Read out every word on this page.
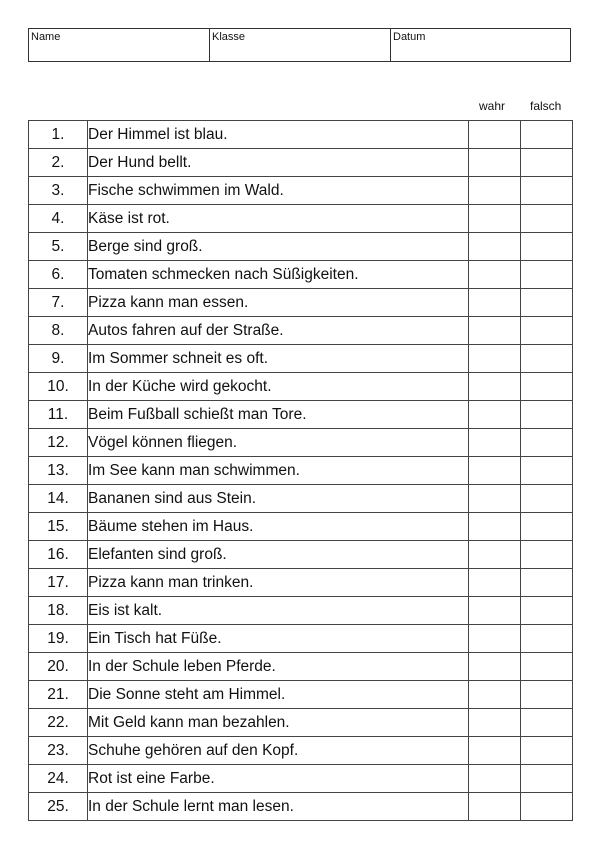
Name	Klasse	Datum
wahr falsch
1.	Der Himmel ist blau.		
2.	Der Hund bellt.		
3.	Fische schwimmen im Wald.		
4.	Käse ist rot.		
5.	Berge sind groß.		
6.	Tomaten schmecken nach Süßigkeiten.		
7.	Pizza kann man essen.		
8.	Autos fahren auf der Straße.		
9.	Im Sommer schneit es oft.		
10.	In der Küche wird gekocht.		
11.	Beim Fußball schießt man Tore.		
12.	Vögel können fliegen.		
13.	Im See kann man schwimmen.		
14.	Bananen sind aus Stein.		
15.	Bäume stehen im Haus.		
16.	Elefanten sind groß.		
17.	Pizza kann man trinken.		
18.	Eis ist kalt.		
19.	Ein Tisch hat Füße.		
20.	In der Schule leben Pferde.		
21.	Die Sonne steht am Himmel.		
22.	Mit Geld kann man bezahlen.		
23.	Schuhe gehören auf den Kopf.		
24.	Rot ist eine Farbe.		
25.	In der Schule lernt man lesen.		
